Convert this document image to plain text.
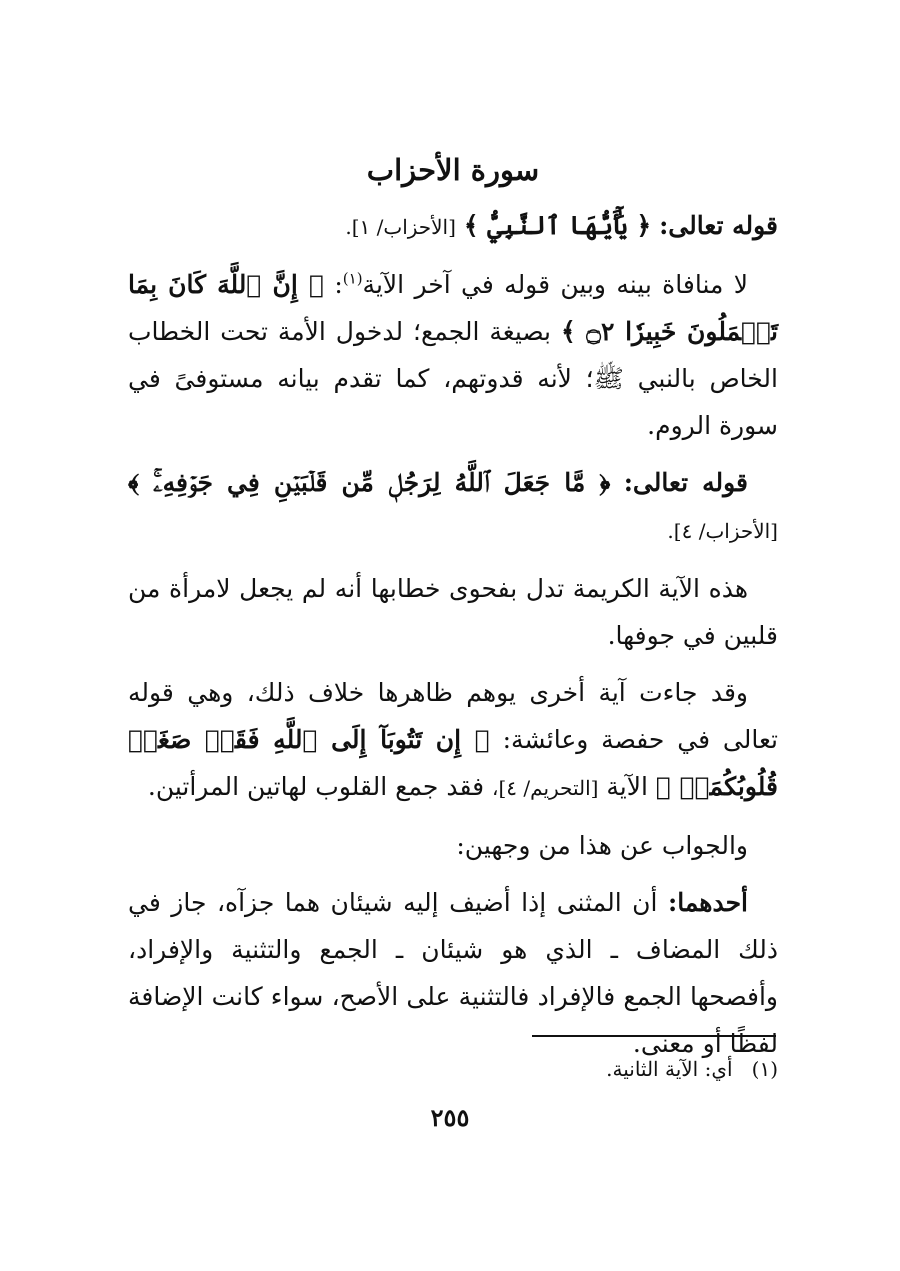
سورة الأحزاب

قوله تعالى: ﴿ يَٰٓأَيُّهَا ٱلنَّبِيُّ ﴾ [الأحزاب/ ١].

لا منافاة بينه وبين قوله في آخر الآية$^{(١)}$: ﴿ إِنَّ ٱللَّهَ كَانَ بِمَا تَعۡمَلُونَ خَبِيرٗا ۝٢ ﴾ بصيغة الجمع؛ لدخول الأمة تحت الخطاب الخاص بالنبي ﷺ؛ لأنه قدوتهم، كما تقدم بيانه مستوفىً في سورة الروم.

قوله تعالى: ﴿ مَّا جَعَلَ ٱللَّهُ لِرَجُلٖ مِّن قَلۡبَيۡنِ فِي جَوۡفِهِۦۚ ﴾ [الأحزاب/ ٤].

هذه الآية الكريمة تدل بفحوى خطابها أنه لم يجعل لامرأة من قلبين في جوفها.

وقد جاءت آية أخرى يوهم ظاهرها خلاف ذلك، وهي قوله تعالى في حفصة وعائشة: ﴿ إِن تَتُوبَآ إِلَى ٱللَّهِ فَقَدۡ صَغَتۡ قُلُوبُكُمَاۖ ﴾ الآية [التحريم/ ٤]، فقد جمع القلوب لهاتين المرأتين.

والجواب عن هذا من وجهين:

أحدهما: أن المثنى إذا أضيف إليه شيئان هما جزآه، جاز في ذلك المضاف ـ الذي هو شيئان ـ الجمع والتثنية والإفراد، وأفصحها الجمع فالإفراد فالتثنية على الأصح، سواء كانت الإضافة لفظًا أو معنى.

(١)   أي: الآية الثانية.
٢٥٥
